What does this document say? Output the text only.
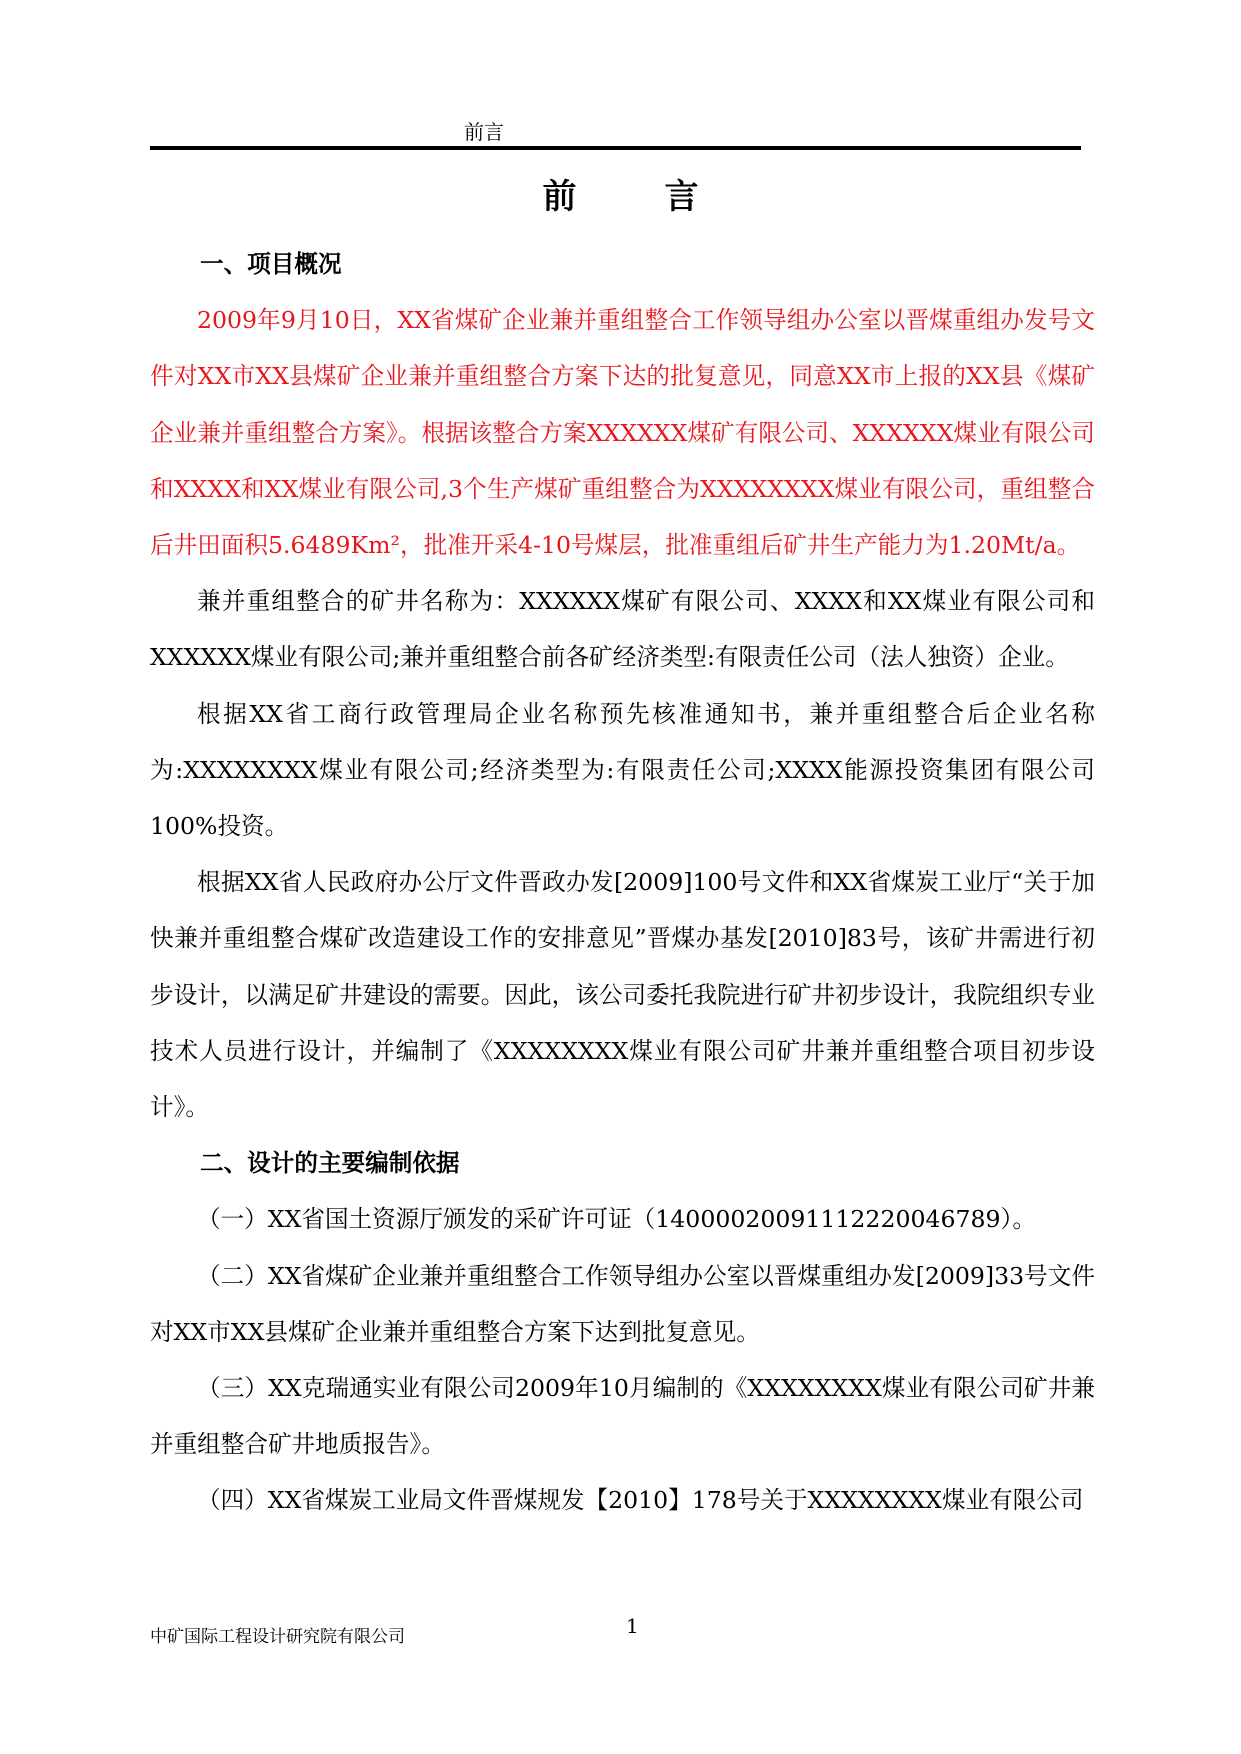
前言
前言
一、项目概况

2009年9月10日，XX省煤矿企业兼并重组整合工作领导组办公室以晋煤重组办发号文件对XX市XX县煤矿企业兼并重组整合方案下达的批复意见，同意XX市上报的XX县《煤矿企业兼并重组整合方案》。根据该整合方案XXXXXX煤矿有限公司、XXXXXX煤业有限公司和XXXX和XX煤业有限公司,3个生产煤矿重组整合为XXXXXXXX煤业有限公司，重组整合后井田面积5.6489Km²，批准开采4-10号煤层，批准重组后矿井生产能力为1.20Mt/a。

兼并重组整合的矿井名称为：XXXXXX煤矿有限公司、XXXX和XX煤业有限公司和XXXXXX煤业有限公司;兼并重组整合前各矿经济类型:有限责任公司（法人独资）企业。

根据XX省工商行政管理局企业名称预先核准通知书，兼并重组整合后企业名称为:XXXXXXXX煤业有限公司;经济类型为:有限责任公司;XXXX能源投资集团有限公司100%投资。

根据XX省人民政府办公厅文件晋政办发[2009]100号文件和XX省煤炭工业厅“关于加快兼并重组整合煤矿改造建设工作的安排意见”晋煤办基发[2010]83号，该矿井需进行初步设计，以满足矿井建设的需要。因此，该公司委托我院进行矿井初步设计，我院组织专业技术人员进行设计，并编制了《XXXXXXXX煤业有限公司矿井兼并重组整合项目初步设计》。

二、设计的主要编制依据

（一）XX省国土资源厅颁发的采矿许可证（14000020091112220046789）。

（二）XX省煤矿企业兼并重组整合工作领导组办公室以晋煤重组办发[2009]33号文件对XX市XX县煤矿企业兼并重组整合方案下达到批复意见。

（三）XX克瑞通实业有限公司2009年10月编制的《XXXXXXXX煤业有限公司矿井兼并重组整合矿井地质报告》。

（四）XX省煤炭工业局文件晋煤规发【2010】178号关于XXXXXXXX煤业有限公司

中矿国际工程设计研究院有限公司	1
